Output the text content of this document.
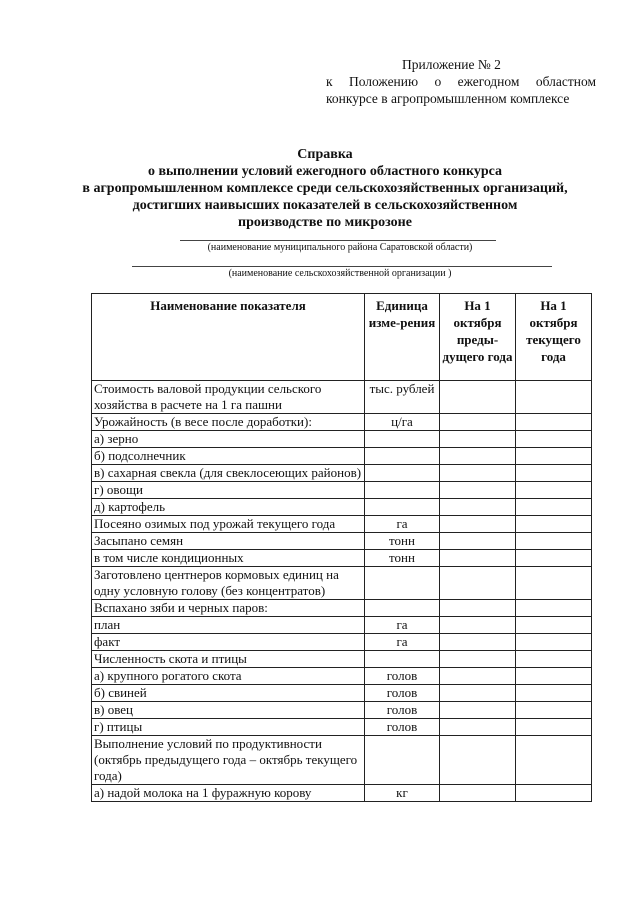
Приложение № 2
к Положению о ежегодном областном
конкурсе в агропромышленном комплексе
Справка
о выполнении условий ежегодного областного конкурса
в агропромышленном комплексе среди сельскохозяйственных организаций,
достигших наивысших показателей в сельскохозяйственном
производстве по микрозоне
(наименование муниципального района Саратовской области)
(наименование сельскохозяйственной организации )
Наименование показателя	Единица изме-рения	На 1 октября преды-дущего года	На 1 октября текущего года
Стоимость валовой продукции сельского хозяйства в расчете на 1 га пашни	тыс. рублей		
Урожайность (в весе после доработки):	ц/га		
а) зерно			
б) подсолнечник			
в) сахарная свекла (для свеклосеющих районов)			
г) овощи			
д) картофель			
Посеяно озимых под урожай текущего года	га		
Засыпано семян	тонн		
в том числе кондиционных	тонн		
Заготовлено центнеров кормовых единиц на одну условную голову (без концентратов)			
Вспахано зяби и черных паров:			
план	га		
факт	га		
Численность скота и птицы			
а) крупного рогатого скота	голов		
б) свиней	голов		
в) овец	голов		
г) птицы	голов		
Выполнение условий по продуктивности (октябрь предыдущего года – октябрь текущего года)			
а) надой молока на 1 фуражную корову	кг		
